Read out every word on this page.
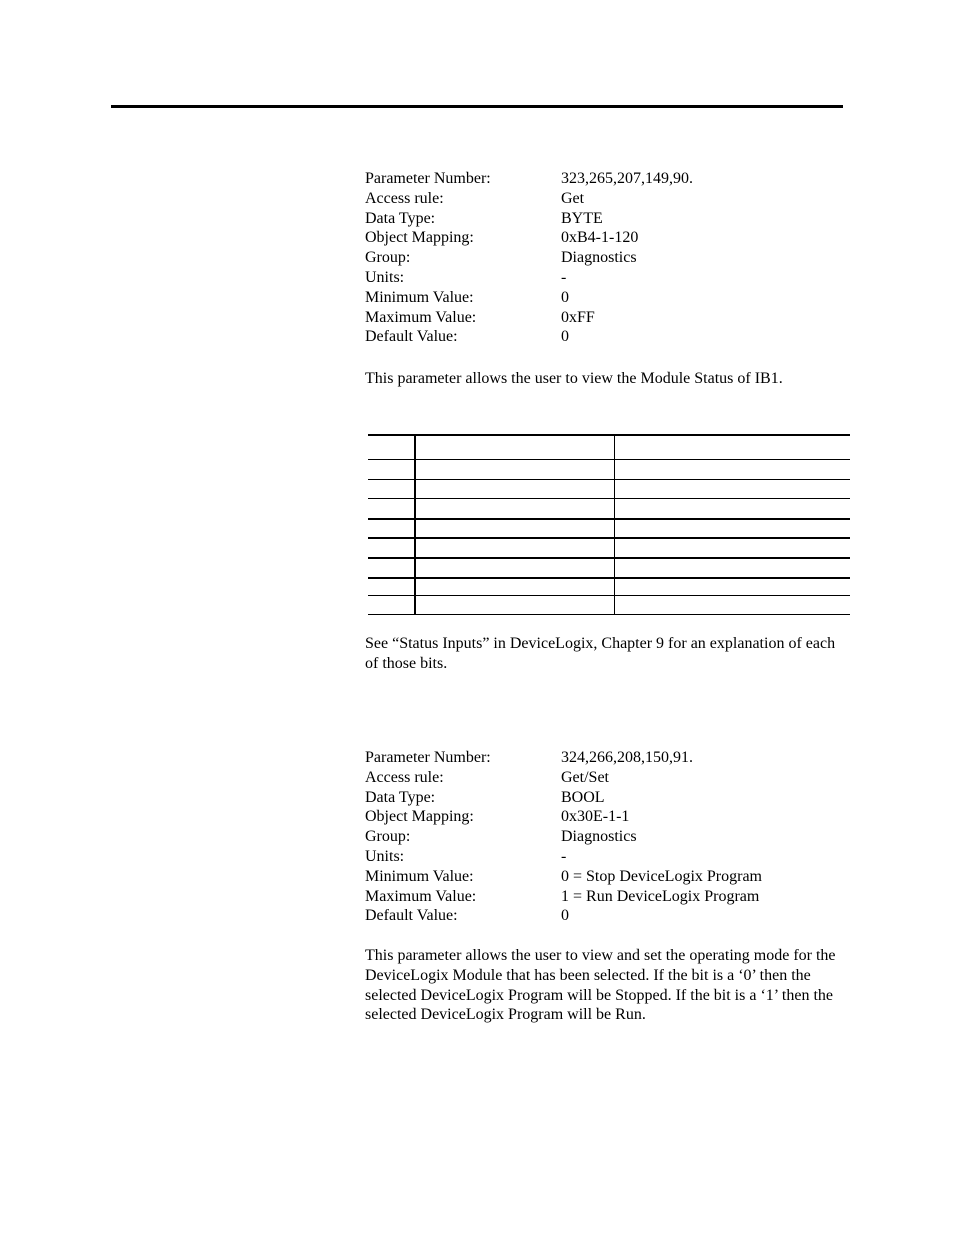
Parameter Number:	323,265,207,149,90.
Access rule:	Get
Data Type:	BYTE
Object Mapping:	0xB4-1-120
Group:	Diagnostics
Units:	-
Minimum Value:	0
Maximum Value:	0xFF
Default Value:	0
This parameter allows the user to view the Module Status of IB1.
See “Status Inputs” in DeviceLogix, Chapter 9 for an explanation of each of those bits.
Parameter Number:	324,266,208,150,91.
Access rule:	Get/Set
Data Type:	BOOL
Object Mapping:	0x30E-1-1
Group:	Diagnostics
Units:	-
Minimum Value:	0 = Stop DeviceLogix Program
Maximum Value:	1 = Run DeviceLogix Program
Default Value:	0
This parameter allows the user to view and set the operating mode for the DeviceLogix Module that has been selected. If the bit is a ‘0’ then the selected DeviceLogix Program will be Stopped. If the bit is a ‘1’ then the selected DeviceLogix Program will be Run.
